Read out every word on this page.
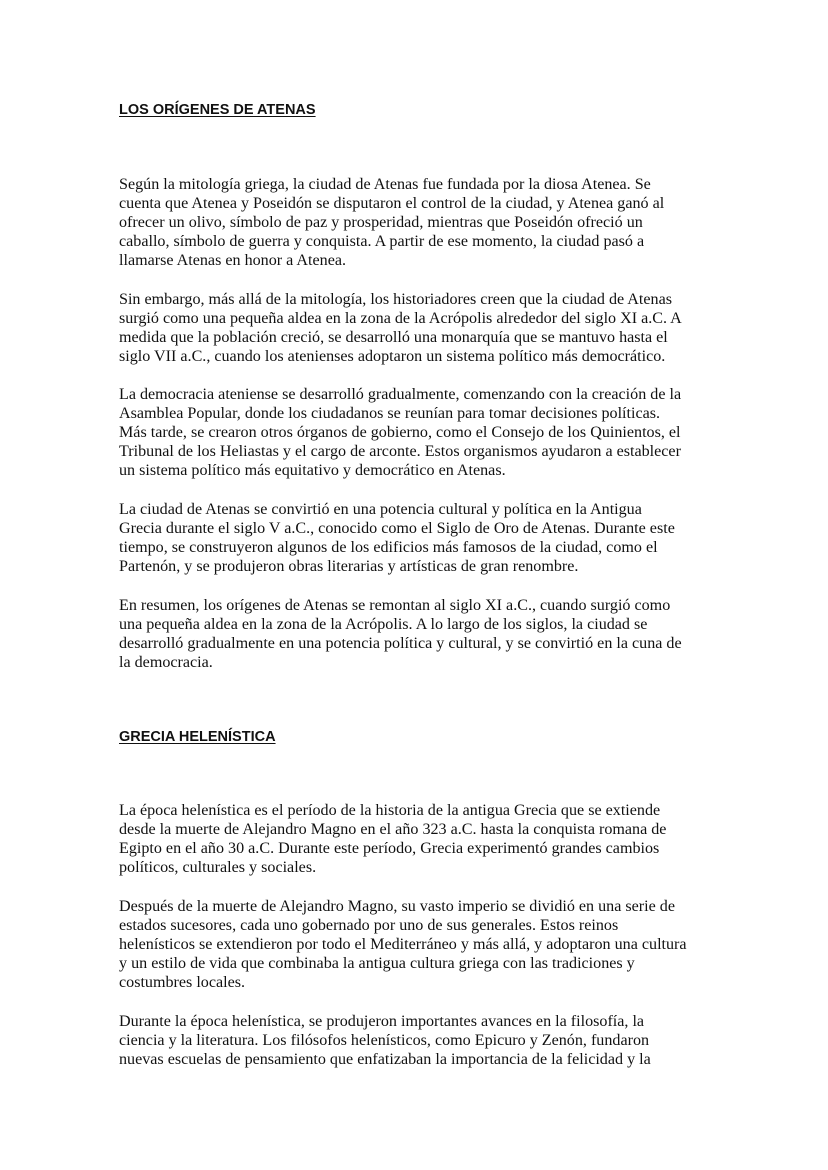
LOS ORÍGENES DE ATENAS

Según la mitología griega, la ciudad de Atenas fue fundada por la diosa Atenea. Se

cuenta que Atenea y Poseidón se disputaron el control de la ciudad, y Atenea ganó al

ofrecer un olivo, símbolo de paz y prosperidad, mientras que Poseidón ofreció un

caballo, símbolo de guerra y conquista. A partir de ese momento, la ciudad pasó a

llamarse Atenas en honor a Atenea.

Sin embargo, más allá de la mitología, los historiadores creen que la ciudad de Atenas

surgió como una pequeña aldea en la zona de la Acrópolis alrededor del siglo XI a.C. A

medida que la población creció, se desarrolló una monarquía que se mantuvo hasta el

siglo VII a.C., cuando los atenienses adoptaron un sistema político más democrático.

La democracia ateniense se desarrolló gradualmente, comenzando con la creación de la

Asamblea Popular, donde los ciudadanos se reunían para tomar decisiones políticas.

Más tarde, se crearon otros órganos de gobierno, como el Consejo de los Quinientos, el

Tribunal de los Heliastas y el cargo de arconte. Estos organismos ayudaron a establecer

un sistema político más equitativo y democrático en Atenas.

La ciudad de Atenas se convirtió en una potencia cultural y política en la Antigua

Grecia durante el siglo V a.C., conocido como el Siglo de Oro de Atenas. Durante este

tiempo, se construyeron algunos de los edificios más famosos de la ciudad, como el

Partenón, y se produjeron obras literarias y artísticas de gran renombre.

En resumen, los orígenes de Atenas se remontan al siglo XI a.C., cuando surgió como

una pequeña aldea en la zona de la Acrópolis. A lo largo de los siglos, la ciudad se

desarrolló gradualmente en una potencia política y cultural, y se convirtió en la cuna de

la democracia.

GRECIA HELENÍSTICA

La época helenística es el período de la historia de la antigua Grecia que se extiende

desde la muerte de Alejandro Magno en el año 323 a.C. hasta la conquista romana de

Egipto en el año 30 a.C. Durante este período, Grecia experimentó grandes cambios

políticos, culturales y sociales.

Después de la muerte de Alejandro Magno, su vasto imperio se dividió en una serie de

estados sucesores, cada uno gobernado por uno de sus generales. Estos reinos

helenísticos se extendieron por todo el Mediterráneo y más allá, y adoptaron una cultura

y un estilo de vida que combinaba la antigua cultura griega con las tradiciones y

costumbres locales.

Durante la época helenística, se produjeron importantes avances en la filosofía, la

ciencia y la literatura. Los filósofos helenísticos, como Epicuro y Zenón, fundaron

nuevas escuelas de pensamiento que enfatizaban la importancia de la felicidad y la
